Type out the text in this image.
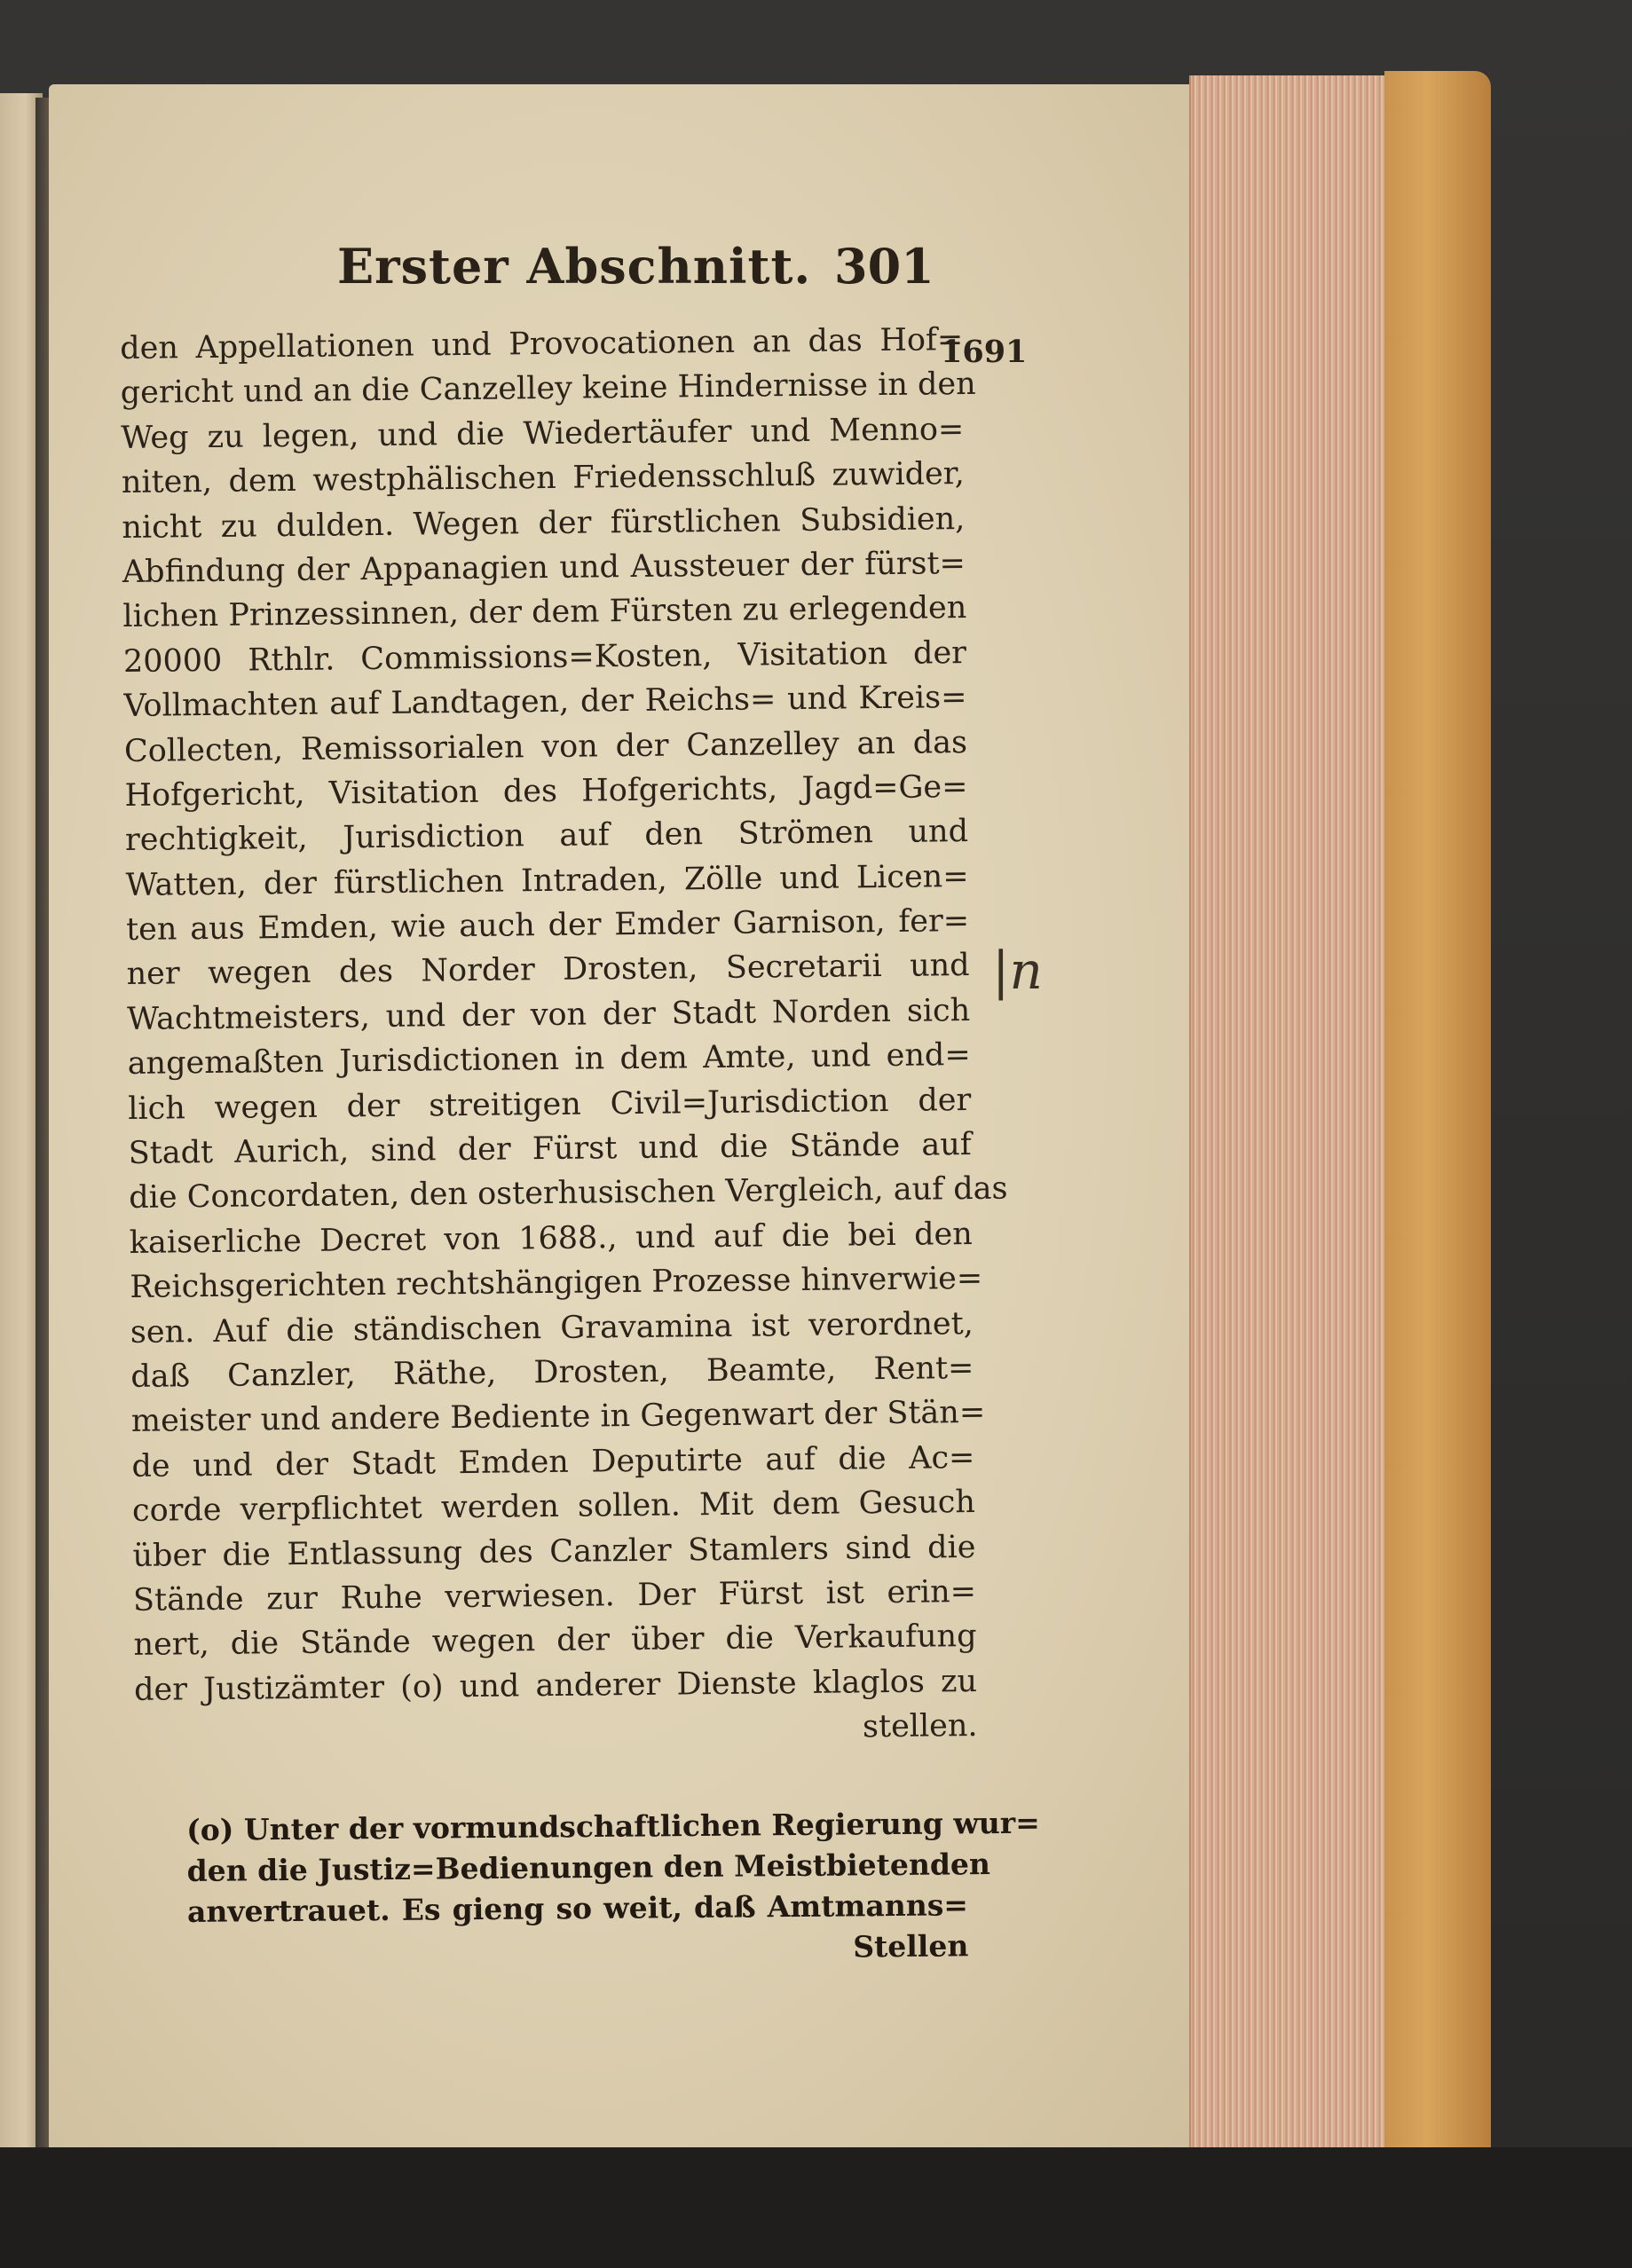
Erster Abschnitt. 301
1691
|n
den Appellationen und Provocationen an das Hof=
gericht und an die Canzelley keine Hindernisse in den
Weg zu legen, und die Wiedertäufer und Menno=
niten, dem westphälischen Friedensschluß zuwider,
nicht zu dulden. Wegen der fürstlichen Subsidien,
Abfindung der Appanagien und Aussteuer der fürst=
lichen Prinzessinnen, der dem Fürsten zu erlegenden
20000 Rthlr. Commissions=Kosten, Visitation der
Vollmachten auf Landtagen, der Reichs= und Kreis=
Collecten, Remissorialen von der Canzelley an das
Hofgericht, Visitation des Hofgerichts, Jagd=Ge=
rechtigkeit, Jurisdiction auf den Strömen und
Watten, der fürstlichen Intraden, Zölle und Licen=
ten aus Emden, wie auch der Emder Garnison, fer=
ner wegen des Norder Drosten, Secretarii und
Wachtmeisters, und der von der Stadt Norden sich
angemaßten Jurisdictionen in dem Amte, und end=
lich wegen der streitigen Civil=Jurisdiction der
Stadt Aurich, sind der Fürst und die Stände auf
die Concordaten, den osterhusischen Vergleich, auf das
kaiserliche Decret von 1688., und auf die bei den
Reichsgerichten rechtshängigen Prozesse hinverwie=
sen. Auf die ständischen Gravamina ist verordnet,
daß Canzler, Räthe, Drosten, Beamte, Rent=
meister und andere Bediente in Gegenwart der Stän=
de und der Stadt Emden Deputirte auf die Ac=
corde verpflichtet werden sollen. Mit dem Gesuch
über die Entlassung des Canzler Stamlers sind die
Stände zur Ruhe verwiesen. Der Fürst ist erin=
nert, die Stände wegen der über die Verkaufung
der Justizämter (o) und anderer Dienste klaglos zu
stellen.
(o) Unter der vormundschaftlichen Regierung wur=
den die Justiz=Bedienungen den Meistbietenden
anvertrauet. Es gieng so weit, daß Amtmanns=
Stellen
